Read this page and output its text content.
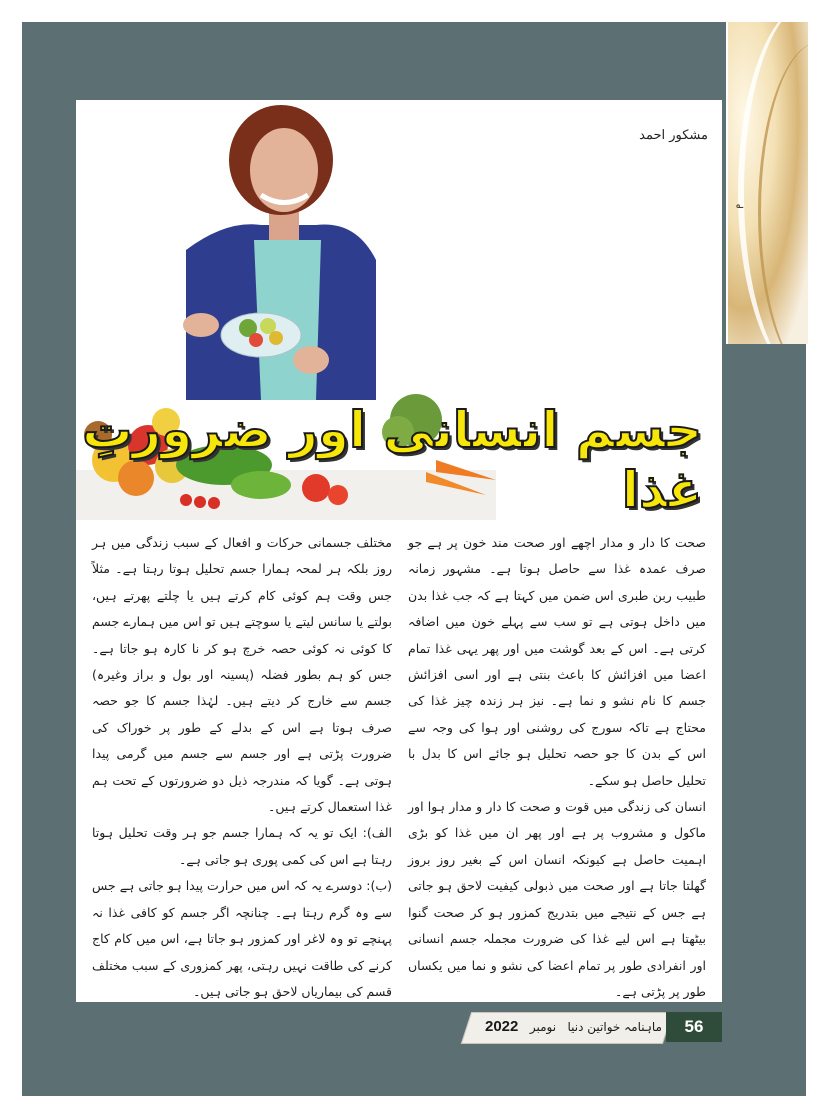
؎
مشکور احمد
جسم انسانی اور ضرورتِ غذا

صحت کا دار و مدار اچھے اور صحت مند خون پر ہے جو صرف عمدہ غذا سے حاصل ہوتا ہے۔ مشہور زمانہ طبیب ربن طبری اس ضمن میں کہتا ہے کہ جب غذا بدن میں داخل ہوتی ہے تو سب سے پہلے خون میں اضافہ کرتی ہے۔ اس کے بعد گوشت میں اور پھر یہی غذا تمام اعضا میں افزائش کا باعث بنتی ہے اور اسی افزائش جسم کا نام نشو و نما ہے۔ نیز ہر زندہ چیز غذا کی محتاج ہے تاکہ سورج کی روشنی اور ہوا کی وجہ سے اس کے بدن کا جو حصہ تحلیل ہو جائے اس کا بدل با تحلیل حاصل ہو سکے۔

انسان کی زندگی میں قوت و صحت کا دار و مدار ہوا اور ماکول و مشروب پر ہے اور پھر ان میں غذا کو بڑی اہمیت حاصل ہے کیونکہ انسان اس کے بغیر روز بروز گھلتا جاتا ہے اور صحت میں ذبولی کیفیت لاحق ہو جاتی ہے جس کے نتیجے میں بتدریج کمزور ہو کر صحت گنوا بیٹھتا ہے اس لیے غذا کی ضرورت مجملہ جسم انسانی اور انفرادی طور پر تمام اعضا کی نشو و نما میں یکساں طور پر پڑتی ہے۔

مختلف جسمانی حرکات و افعال کے سبب زندگی میں ہر روز بلکہ ہر لمحہ ہمارا جسم تحلیل ہوتا رہتا ہے۔ مثلاً جس وقت ہم کوئی کام کرتے ہیں یا چلتے پھرتے ہیں، بولتے یا سانس لیتے یا سوچتے ہیں تو اس میں ہمارے جسم کا کوئی نہ کوئی حصہ خرچ ہو کر نا کارہ ہو جاتا ہے۔ جس کو ہم بطور فضلہ (پسینہ اور بول و براز وغیرہ) جسم سے خارج کر دیتے ہیں۔ لہٰذا جسم کا جو حصہ صرف ہوتا ہے اس کے بدلے کے طور پر خوراک کی ضرورت پڑتی ہے اور جسم سے جسم میں گرمی پیدا ہوتی ہے۔ گویا کہ مندرجہ ذیل دو ضرورتوں کے تحت ہم غذا استعمال کرتے ہیں۔

الف): ایک تو یہ کہ ہمارا جسم جو ہر وقت تحلیل ہوتا رہتا ہے اس کی کمی پوری ہو جاتی ہے۔

(ب): دوسرے یہ کہ اس میں حرارت پیدا ہو جاتی ہے جس سے وہ گرم رہتا ہے۔ چنانچہ اگر جسم کو کافی غذا نہ پہنچے تو وہ لاغر اور کمزور ہو جاتا ہے، اس میں کام کاج کرنے کی طاقت نہیں رہتی، پھر کمزوری کے سبب مختلف قسم کی بیماریاں لاحق ہو جاتی ہیں۔

ماہنامہ خواتین دنیا   نومبر   2022	56
